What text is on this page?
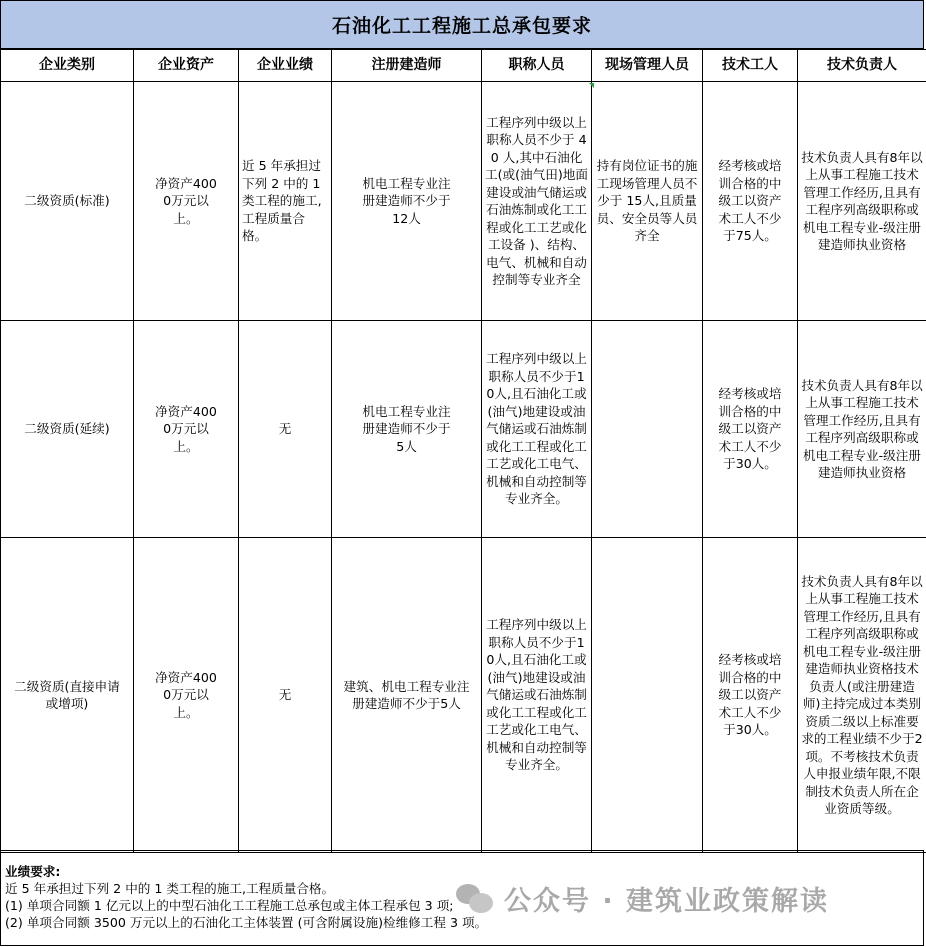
石油化工工程施工总承包要求
企业类别	企业资产	企业业绩	注册建造师	职称人员	现场管理人员	技术工人	技术负责人
二级资质(标准)	净资产4000万元以上。	近 5 年承担过下列 2 中的 1 类工程的施工,工程质量合格。	机电工程专业注册建造师不少于12人	工程序列中级以上职称人员不少于 40 人,其中石油化工(或(油气田)地面建设或油气储运或石油炼制或化工工程或化工工艺或化工设备 )、结构、电气、机械和自动控制等专业齐全	持有岗位证书的施工现场管理人员不少于 15人,且质量员、安全员等人员齐全	经考核或培训合格的中级工以资产术工人不少于75人。	技术负责人具有8年以上从事工程施工技术管理工作经历,且具有工程序列高级职称或机电工程专业-级注册建造师执业资格
二级资质(延续)	净资产4000万元以上。	无	机电工程专业注册建造师不少于5人	工程序列中级以上职称人员不少于10人,且石油化工或(油气)地建设或油气储运或石油炼制或化工工程或化工工艺或化工电气、机械和自动控制等专业齐全。		经考核或培训合格的中级工以资产术工人不少于30人。	技术负责人具有8年以上从事工程施工技术管理工作经历,且具有工程序列高级职称或机电工程专业-级注册建造师执业资格

二级资质(直接申请或增项)	净资产4000万元以上。	无	建筑、机电工程专业注册建造师不少于5人	工程序列中级以上职称人员不少于10人,且石油化工或(油气)地建设或油气储运或石油炼制或化工工程或化工工艺或化工电气、机械和自动控制等专业齐全。		经考核或培训合格的中级工以资产术工人不少于30人。	技术负责人具有8年以上从事工程施工技术管理工作经历,且具有工程序列高级职称或机电工程专业-级注册建造师执业资格技术负责人(或注册建造师)主持完成过本类别资质二级以上标准要求的工程业绩不少于2项。不考核技术负责人申报业绩年限,不限制技术负责人所在企业资质等级。
业绩要求:
近 5 年承担过下列 2 中的 1 类工程的施工,工程质量合格。
(1) 单项合同额 1 亿元以上的中型石油化工工程施工总承包或主体工程承包 3 项;
(2) 单项合同额 3500 万元以上的石油化工主体装置 (可含附属设施)检维修工程 3 项。
公众号 · 建筑业政策解读
